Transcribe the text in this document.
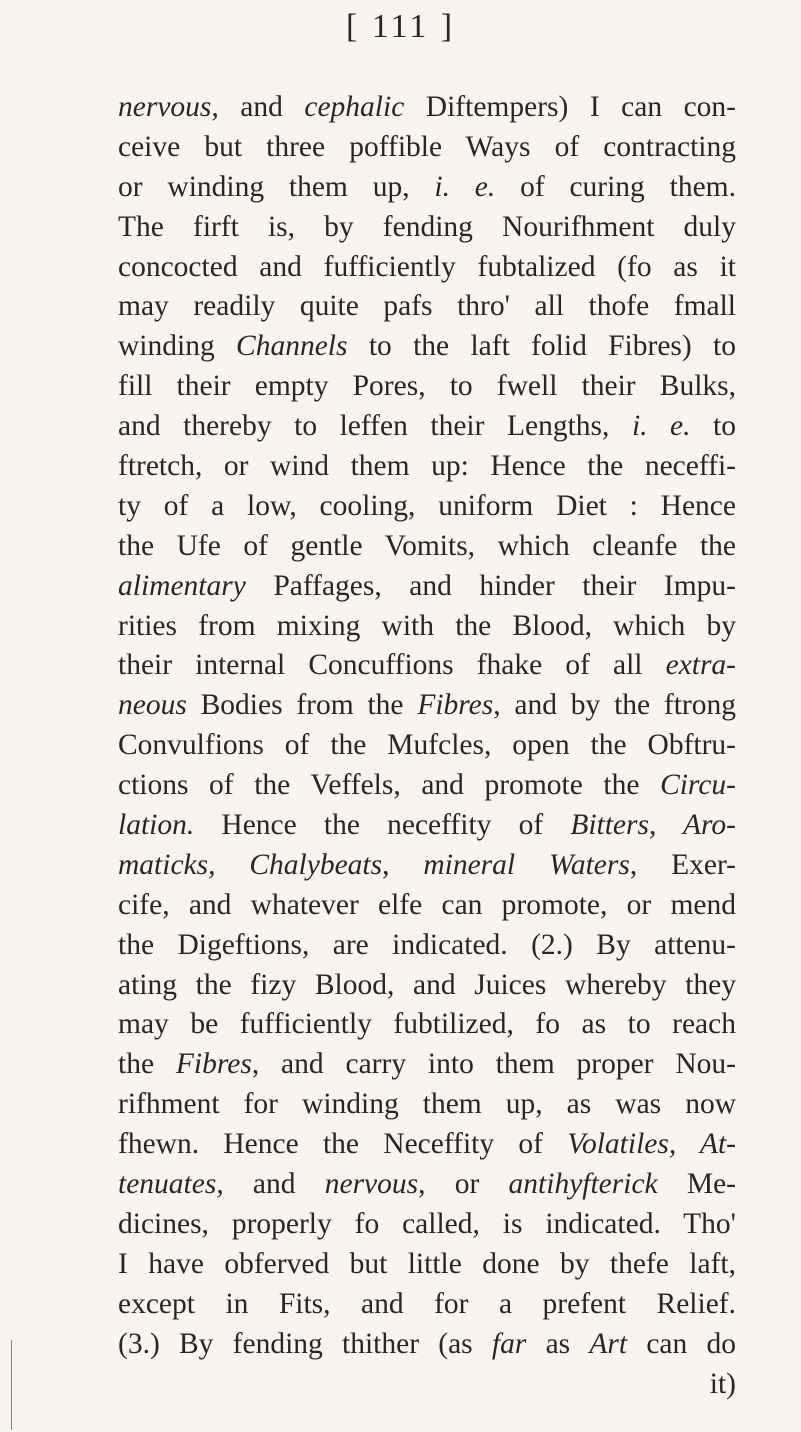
[ 111 ]
nervous, and cephalic Diftempers) I can con-
ceive but three poffible Ways of contracting
or winding them up, i. e. of curing them.
The firft is, by fending Nourifhment duly
concocted and fufficiently fubtalized (fo as it
may readily quite pafs thro' all thofe fmall
winding Channels to the laft folid Fibres) to
fill their empty Pores, to fwell their Bulks,
and thereby to leffen their Lengths, i. e. to
ftretch, or wind them up: Hence the neceffi-
ty of a low, cooling, uniform Diet : Hence
the Ufe of gentle Vomits, which cleanfe the
alimentary Paffages, and hinder their Impu-
rities from mixing with the Blood, which by
their internal Concuffions fhake of all extra-
neous Bodies from the Fibres, and by the ftrong
Convulfions of the Mufcles, open the Obftru-
ctions of the Veffels, and promote the Circu-
lation. Hence the neceffity of Bitters, Aro-
maticks, Chalybeats, mineral Waters, Exer-
cife, and whatever elfe can promote, or mend
the Digeftions, are indicated. (2.) By attenu-
ating the fizy Blood, and Juices whereby they
may be fufficiently fubtilized, fo as to reach
the Fibres, and carry into them proper Nou-
rifhment for winding them up, as was now
fhewn. Hence the Neceffity of Volatiles, At-
tenuates, and nervous, or antihyfterick Me-
dicines, properly fo called, is indicated. Tho'
I have obferved but little done by thefe laft,
except in Fits, and for a prefent Relief.
(3.) By fending thither (as far as Art can do
it)
